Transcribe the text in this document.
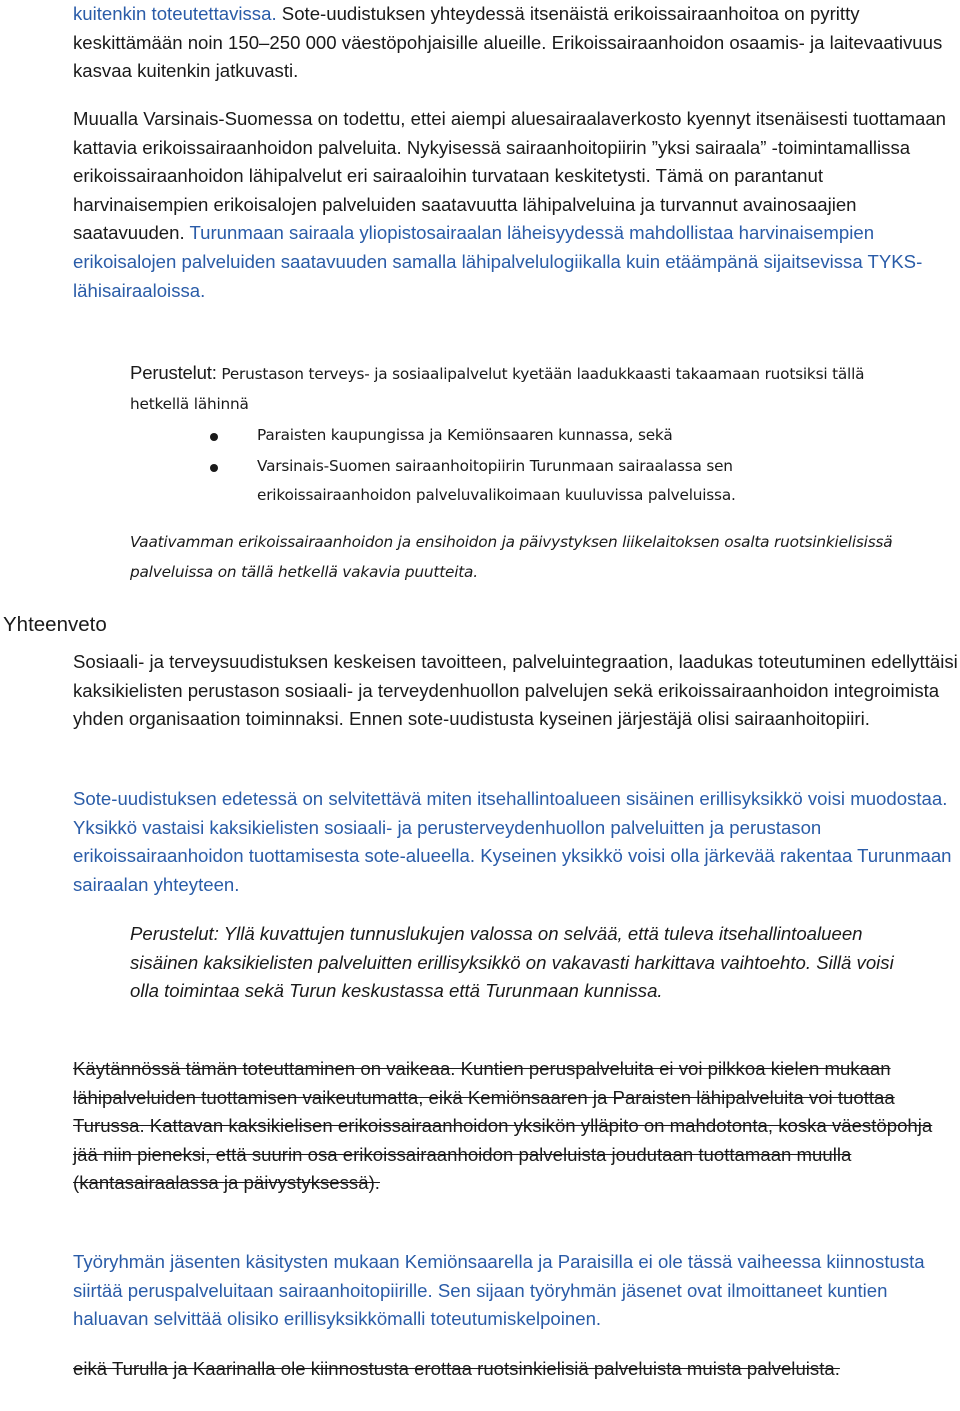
kuitenkin toteutettavissa. Sote-uudistuksen yhteydessä itsenäistä erikoissairaanhoitoa on pyritty keskittämään noin 150–250 000 väestöpohjaisille alueille. Erikoissairaanhoidon osaamis- ja laitevaativuus kasvaa kuitenkin jatkuvasti.

Muualla Varsinais-Suomessa on todettu, ettei aiempi aluesairaalaverkosto kyennyt itsenäisesti tuottamaan kattavia erikoissairaanhoidon palveluita. Nykyisessä sairaanhoitopiirin ”yksi sairaala” -toimintamallissa erikoissairaanhoidon lähipalvelut eri sairaaloihin turvataan keskitetysti. Tämä on parantanut harvinaisempien erikoisalojen palveluiden saatavuutta lähipalveluina ja turvannut avainosaajien saatavuuden. Turunmaan sairaala yliopistosairaalan läheisyydessä mahdollistaa harvinaisempien erikoisalojen palveluiden saatavuuden samalla lähipalvelulogiikalla kuin etäämpänä sijaitsevissa TYKS-lähisairaaloissa.

Perustelut: Perustason terveys- ja sosiaalipalvelut kyetään laadukkaasti takaamaan ruotsiksi tällä hetkellä lähinnä
Paraisten kaupungissa ja Kemiönsaaren kunnassa, sekä
Varsinais-Suomen sairaanhoitopiirin Turunmaan sairaalassa sen erikoissairaanhoidon palveluvalikoimaan kuuluvissa palveluissa.
Vaativamman erikoissairaanhoidon ja ensihoidon ja päivystyksen liikelaitoksen osalta ruotsinkielisissä palveluissa on tällä hetkellä vakavia puutteita.
Yhteenveto

Sosiaali- ja terveysuudistuksen keskeisen tavoitteen, palveluintegraation, laadukas toteutuminen edellyttäisi kaksikielisten perustason sosiaali- ja terveydenhuollon palvelujen sekä erikoissairaanhoidon integroimista yhden organisaation toiminnaksi. Ennen sote-uudistusta kyseinen järjestäjä olisi sairaanhoitopiiri.

Sote-uudistuksen edetessä on selvitettävä miten itsehallintoalueen sisäinen erillisyksikkö voisi muodostaa. Yksikkö vastaisi kaksikielisten sosiaali- ja perusterveydenhuollon palveluitten ja perustason erikoissairaanhoidon tuottamisesta sote-alueella. Kyseinen yksikkö voisi olla järkevää rakentaa Turunmaan sairaalan yhteyteen.

Perustelut: Yllä kuvattujen tunnuslukujen valossa on selvää, että tuleva itsehallintoalueen sisäinen kaksikielisten palveluitten erillisyksikkö on vakavasti harkittava vaihtoehto. Sillä voisi olla toimintaa sekä Turun keskustassa että Turunmaan kunnissa.

Käytännössä tämän toteuttaminen on vaikeaa. Kuntien peruspalveluita ei voi pilkkoa kielen mukaan lähipalveluiden tuottamisen vaikeutumatta, eikä Kemiönsaaren ja Paraisten lähipalveluita voi tuottaa Turussa. Kattavan kaksikielisen erikoissairaanhoidon yksikön ylläpito on mahdotonta, koska väestöpohja jää niin pieneksi, että suurin osa erikoissairaanhoidon palveluista joudutaan tuottamaan muulla (kantasairaalassa ja päivystyksessä).

Työryhmän jäsenten käsitysten mukaan Kemiönsaarella ja Paraisilla ei ole tässä vaiheessa kiinnostusta siirtää peruspalveluitaan sairaanhoitopiirille. Sen sijaan työryhmän jäsenet ovat ilmoittaneet kuntien haluavan selvittää olisiko erillisyksikkömalli toteutumiskelpoinen.

eikä Turulla ja Kaarinalla ole kiinnostusta erottaa ruotsinkielisiä palveluista muista palveluista.
